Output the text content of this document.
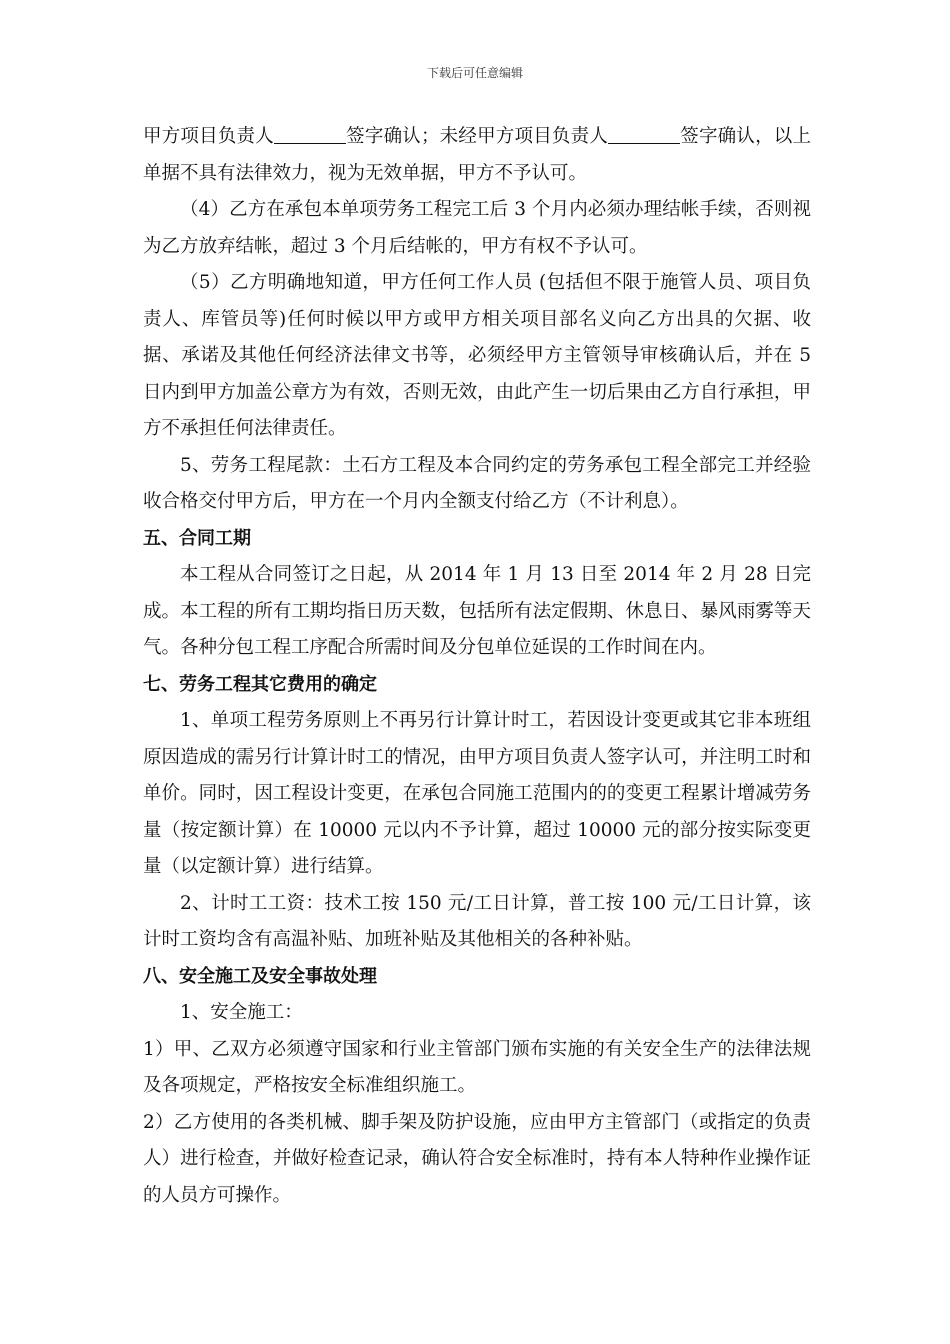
下载后可任意编辑

甲方项目负责人	签字确认；未经甲方项目负责人	签字确认，以上单据不具有法律效力，视为无效单据，甲方不予认可。

（4）乙方在承包本单项劳务工程完工后 3 个月内必须办理结帐手续，否则视为乙方放弃结帐，超过 3 个月后结帐的，甲方有权不予认可。

（5）乙方明确地知道，甲方任何工作人员 (包括但不限于施管人员、项目负责人、库管员等)任何时候以甲方或甲方相关项目部名义向乙方出具的欠据、收据、承诺及其他任何经济法律文书等，必须经甲方主管领导审核确认后，并在 5 日内到甲方加盖公章方为有效，否则无效，由此产生一切后果由乙方自行承担，甲方不承担任何法律责任。

5、劳务工程尾款：土石方工程及本合同约定的劳务承包工程全部完工并经验收合格交付甲方后，甲方在一个月内全额支付给乙方（不计利息）。

五、合同工期

本工程从合同签订之日起，从 2014 年 1 月 13 日至 2014 年 2 月 28 日完成。本工程的所有工期均指日历天数，包括所有法定假期、休息日、暴风雨雾等天气。各种分包工程工序配合所需时间及分包单位延误的工作时间在内。

七、劳务工程其它费用的确定

1、单项工程劳务原则上不再另行计算计时工，若因设计变更或其它非本班组原因造成的需另行计算计时工的情况，由甲方项目负责人签字认可，并注明工时和单价。同时，因工程设计变更，在承包合同施工范围内的的变更工程累计增减劳务量（按定额计算）在 10000 元以内不予计算，超过 10000 元的部分按实际变更量（以定额计算）进行结算。

2、计时工工资：技术工按 150 元/工日计算，普工按 100 元/工日计算，该计时工资均含有高温补贴、加班补贴及其他相关的各种补贴。

八、安全施工及安全事故处理

1、安全施工：

1）甲、乙双方必须遵守国家和行业主管部门颁布实施的有关安全生产的法律法规及各项规定，严格按安全标准组织施工。

2）乙方使用的各类机械、脚手架及防护设施，应由甲方主管部门（或指定的负责人）进行检查，并做好检查记录，确认符合安全标准时，持有本人特种作业操作证的人员方可操作。
